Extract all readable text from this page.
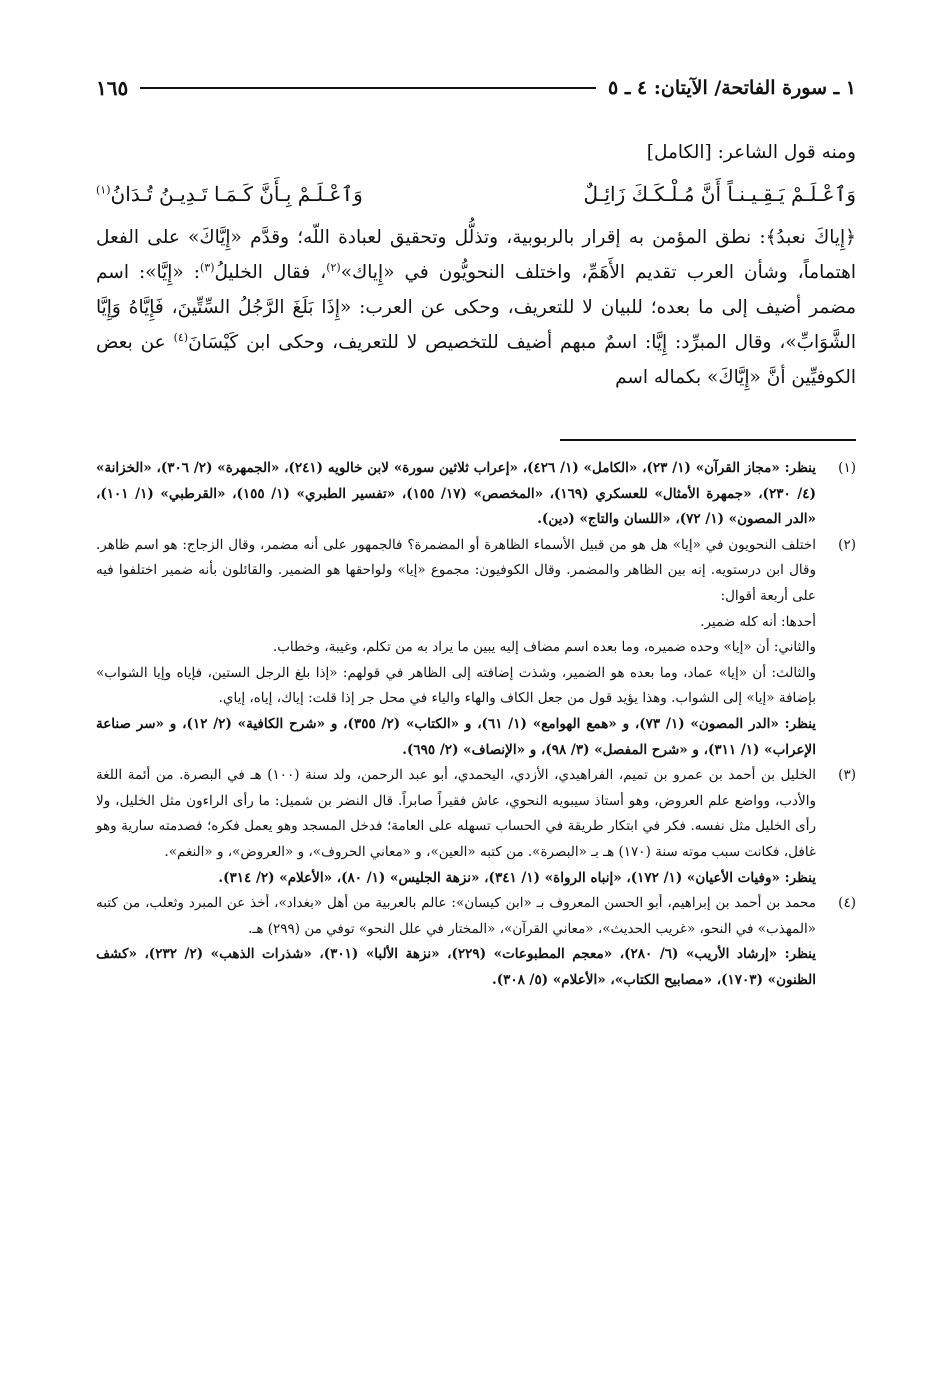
١ ـ سورة الفاتحة/ الآيتان: ٤ ـ ٥
١٦٥

ومنه قول الشاعر: [الكامل]

وَٱعْـلَـمْ يَـقِـيـنـاً أَنَّ مُـلْـكَـكَ زَائِـلٌ
وَٱعْـلَـمْ بِـأَنَّ كَـمَـا تَـدِيـنُ تُـدَانُ$^{(١)}$

﴿إِياكَ نعبدُ﴾: نطق المؤمن به إقرار بالربوبية، وتذلُّل وتحقيق لعبادة اللّه؛ وقدَّم «إِيَّاكَ» على الفعل اهتماماً، وشأن العرب تقديم الأَهَمِّ، واختلف النحويُّون في «إِياك»$^{(٢)}$، فقال الخليلُ$^{(٣)}$: «إِيَّا»: اسم مضمر أضيف إلى ما بعده؛ للبيان لا للتعريف، وحكى عن العرب: «إِذَا بَلَغَ الرَّجُلُ السِّتِّينَ، فَإِيَّاهُ وَإِيَّا الشَّوَابِّ»، وقال المبرِّد: إِيَّا: اسمٌ مبهم أضيف للتخصيص لا للتعريف، وحكى ابن كَيْسَانَ$^{(٤)}$ عن بعض الكوفيِّين أنَّ «إِيَّاكَ» بكماله اسم

(١)

ينظر: «مجاز القرآن» (١/ ٢٣)، «الكامل» (١/ ٤٢٦)، «إعراب ثلاثين سورة» لابن خالويه (٢٤١)، «الجمهرة» (٢/ ٣٠٦)، «الخزانة» (٤/ ٢٣٠)، «جمهرة الأمثال» للعسكري (١٦٩)، «المخصص» (١٧/ ١٥٥)، «تفسير الطبري» (١/ ١٥٥)، «القرطبي» (١/ ١٠١)، «الدر المصون» (١/ ٧٢)، «اللسان والتاج» (دين).

(٢)

اختلف النحويون في «إيا» هل هو من قبيل الأسماء الظاهرة أو المضمرة؟ فالجمهور على أنه مضمر، وقال الزجاج: هو اسم ظاهر. وقال ابن درستويه. إنه بين الظاهر والمضمر. وقال الكوفيون: مجموع «إيا» ولواحقها هو الضمير. والقائلون بأنه ضمير اختلفوا فيه على أربعة أقوال:

أحدها: أنه كله ضمير.

والثاني: أن «إيا» وحده ضميره، وما بعده اسم مضاف إليه يبين ما يراد به من تكلم، وغيبة، وخطاب.

والثالث: أن «إيا» عماد، وما بعده هو الضمير، وشذت إضافته إلى الظاهر في قولهم: «إذا بلغ الرجل الستين، فإياه وإيا الشواب» بإضافة «إيا» إلى الشواب. وهذا يؤيد قول من جعل الكاف والهاء والياء في محل جر إذا قلت: إياك، إياه، إياي.

ينظر: «الدر المصون» (١/ ٧٣)، و «همع الهوامع» (١/ ٦١)، و «الكتاب» (٢/ ٣٥٥)، و «شرح الكافية» (٢/ ١٢)، و «سر صناعة الإعراب» (١/ ٣١١)، و «شرح المفصل» (٣/ ٩٨)، و «الإنصاف» (٢/ ٦٩٥).

(٣)

الخليل بن أحمد بن عمرو بن تميم، الفراهيدي، الأزدي، اليحمدي، أبو عبد الرحمن، ولد سنة (١٠٠) هـ في البصرة. من أئمة اللغة والأدب، وواضع علم العروض، وهو أستاذ سيبويه النحوي، عاش فقيراً صابراً. قال النضر بن شميل: ما رأى الراءون مثل الخليل، ولا رأى الخليل مثل نفسه. فكر في ابتكار طريقة في الحساب تسهله على العامة؛ فدخل المسجد وهو يعمل فكره؛ فصدمته سارية وهو غافل، فكانت سبب موته سنة (١٧٠) هـ بـ «البصرة». من كتبه «العين»، و «معاني الحروف»، و «العروض»، و «النغم».

ينظر: «وفيات الأعيان» (١/ ١٧٢)، «إنباه الرواة» (١/ ٣٤١)، «نزهة الجليس» (١/ ٨٠)، «الأعلام» (٢/ ٣١٤).

(٤)

محمد بن أحمد بن إبراهيم، أبو الحسن المعروف بـ «ابن كيسان»: عالم بالعربية من أهل «بغداد»، أخذ عن المبرد وثعلب، من كتبه «المهذب» في النحو، «غريب الحديث»، «معاني القرآن»، «المختار في علل النحو» توفي من (٢٩٩) هـ.

ينظر: «إرشاد الأريب» (٦/ ٢٨٠)، «معجم المطبوعات» (٢٢٩)، «نزهة الألبا» (٣٠١)، «شذرات الذهب» (٢/ ٢٣٢)، «كشف الظنون» (١٧٠٣)، «مصابيح الكتاب»، «الأعلام» (٥/ ٣٠٨).
